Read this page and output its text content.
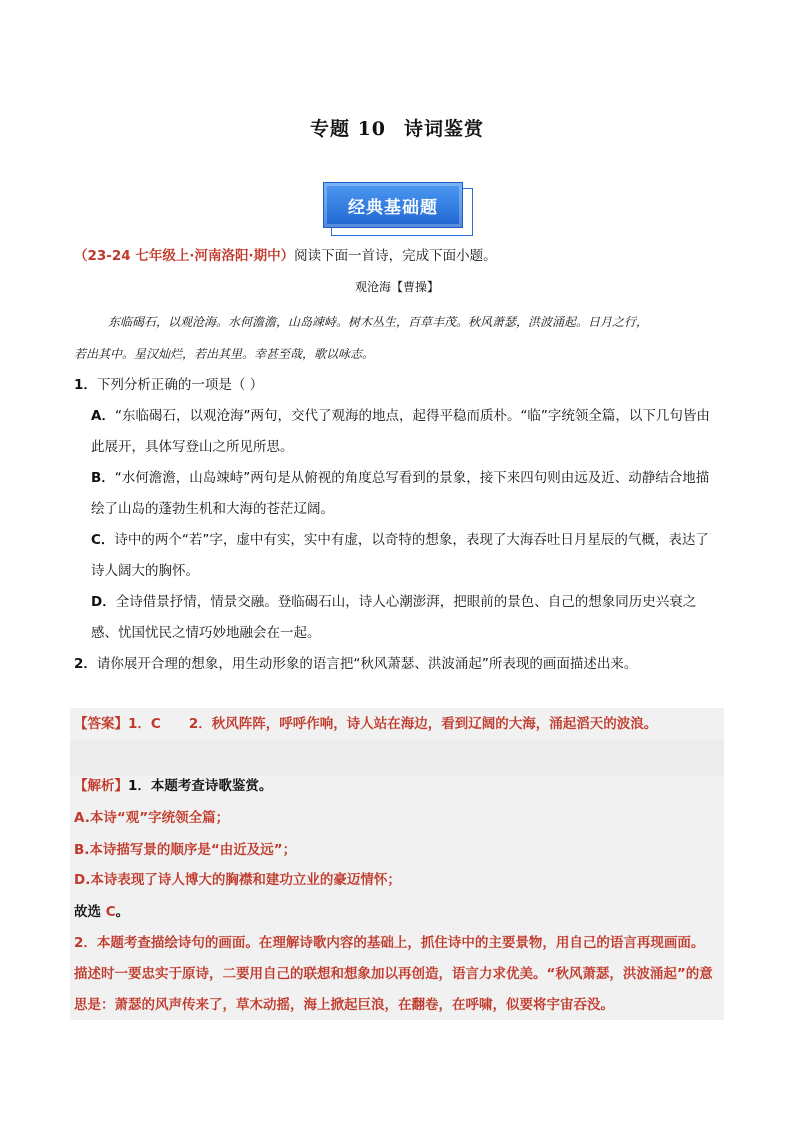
专题 10 诗词鉴赏
经典基础题
（23-24 七年级上·河南洛阳·期中）阅读下面一首诗，完成下面小题。
观沧海【曹操】
东临碣石，以观沧海。水何澹澹，山岛竦峙。树木丛生，百草丰茂。秋风萧瑟，洪波涌起。日月之行，
若出其中。星汉灿烂，若出其里。幸甚至哉，歌以咏志。

1．下列分析正确的一项是（ ）

A．“东临碣石，以观沧海”两句，交代了观海的地点，起得平稳而质朴。“临”字统领全篇，以下几句皆由

此展开，具体写登山之所见所思。

B．“水何澹澹，山岛竦峙”两句是从俯视的角度总写看到的景象，接下来四句则由远及近、动静结合地描

绘了山岛的蓬勃生机和大海的苍茫辽阔。

C．诗中的两个“若”字，虚中有实，实中有虚，以奇特的想象，表现了大海吞吐日月星辰的气概，表达了

诗人阔大的胸怀。

D．全诗借景抒情，情景交融。登临碣石山，诗人心潮澎湃，把眼前的景色、自己的想象同历史兴衰之

感、忧国忧民之情巧妙地融会在一起。

2．请你展开合理的想象，用生动形象的语言把“秋风萧瑟、洪波涌起”所表现的画面描述出来。

【答案】1．C 2．秋风阵阵，呼呼作响，诗人站在海边，看到辽阔的大海，涌起滔天的波浪。
【解析】1．本题考查诗歌鉴赏。
A.本诗“观”字统领全篇；
B.本诗描写景的顺序是“由近及远”；
D.本诗表现了诗人博大的胸襟和建功立业的豪迈情怀；
故选 C。
2．本题考查描绘诗句的画面。在理解诗歌内容的基础上，抓住诗中的主要景物，用自己的语言再现画面。
描述时一要忠实于原诗，二要用自己的联想和想象加以再创造，语言力求优美。“秋风萧瑟，洪波涌起”的意
思是：萧瑟的风声传来了，草木动摇，海上掀起巨浪，在翻卷，在呼啸，似要将宇宙吞没。
